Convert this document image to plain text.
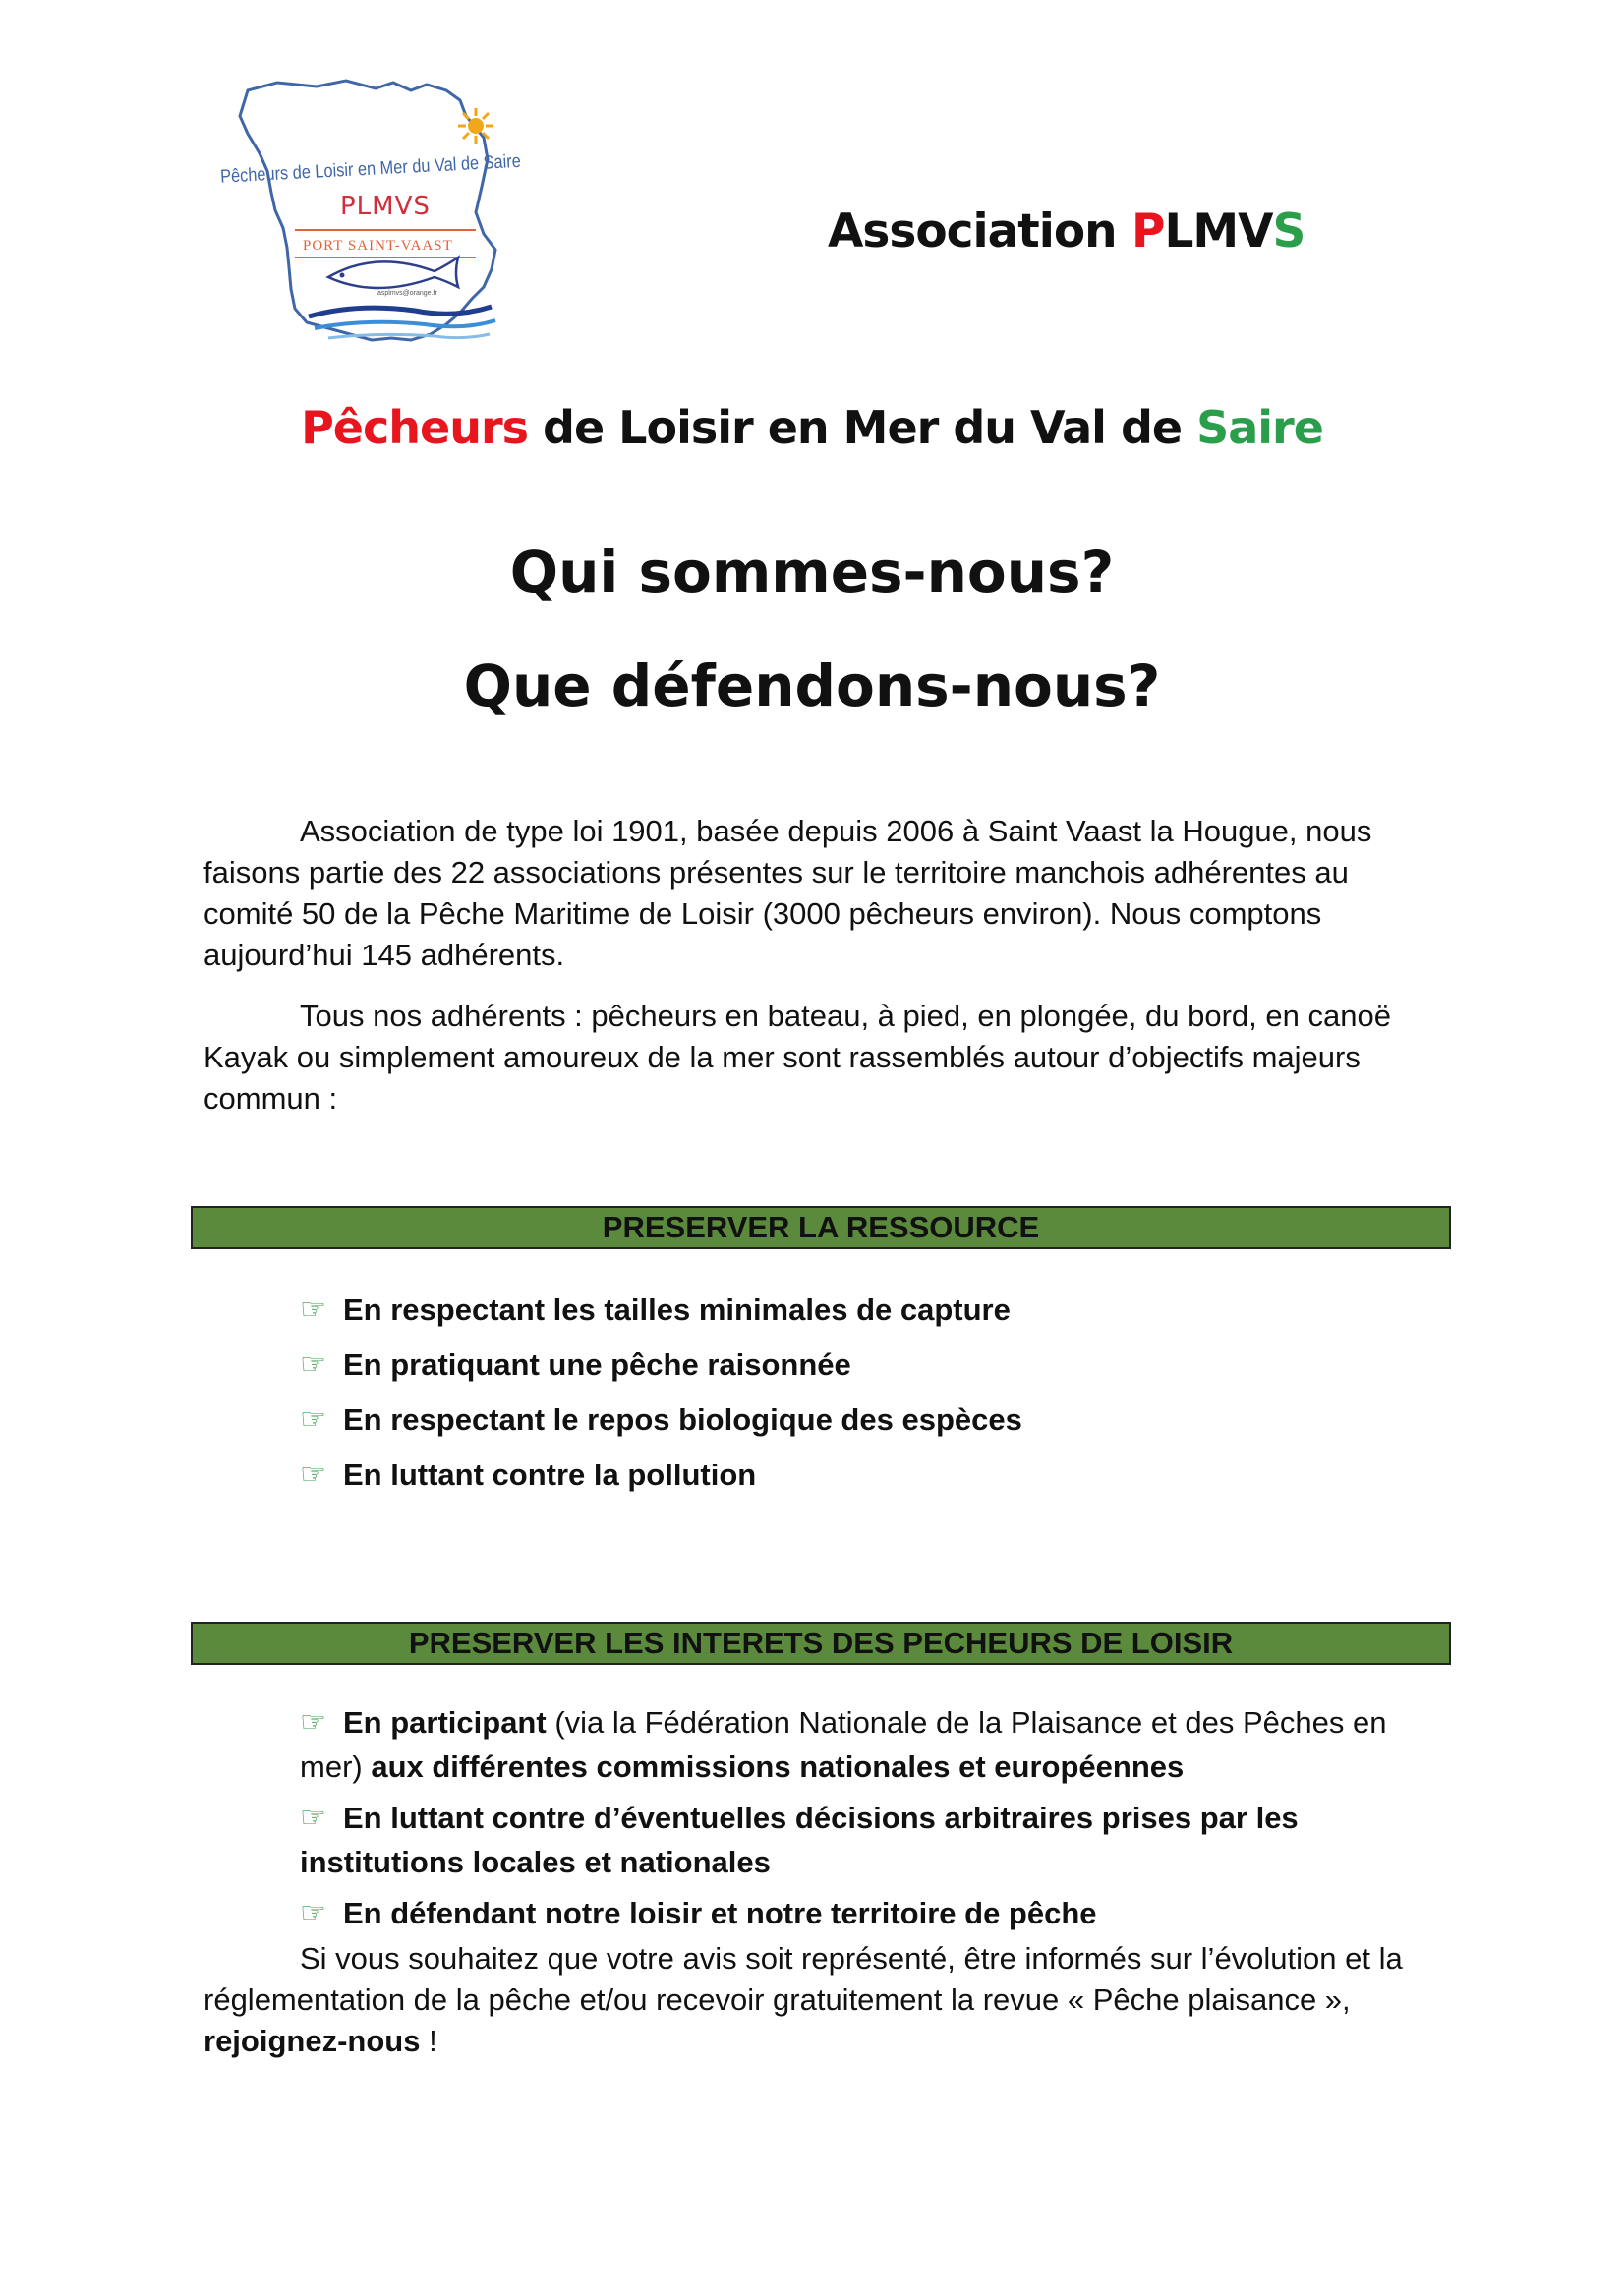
Pêcheurs de Loisir en Mer du Val de Saire
PLMVS
PORT SAINT-VAAST
asplmvs@orange.fr
Association PLMVS
Pêcheurs de Loisir en Mer du Val de Saire
Qui sommes-nous?
Que défendons-nous?

Association de type loi 1901, basée depuis 2006 à Saint Vaast la Hougue, nous faisons partie des 22 associations présentes sur le territoire manchois adhérentes au comité 50 de la Pêche Maritime de Loisir (3000 pêcheurs environ). Nous comptons aujourd’hui 145 adhérents.

Tous nos adhérents : pêcheurs en bateau, à pied, en plongée, du bord, en canoë Kayak ou simplement amoureux de la mer sont rassemblés autour d’objectifs majeurs commun :

PRESERVER LA RESSOURCE
☞ En respectant les tailles minimales de capture
☞ En pratiquant une pêche raisonnée
☞ En respectant le repos biologique des espèces
☞ En luttant contre la pollution
PRESERVER LES INTERETS DES PECHEURS DE LOISIR
☞ En participant (via la Fédération Nationale de la Plaisance et des Pêches en mer) aux différentes commissions nationales et européennes
☞ En luttant contre d’éventuelles décisions arbitraires prises par les institutions locales et nationales
☞ En défendant notre loisir et notre territoire de pêche

Si vous souhaitez que votre avis soit représenté, être informés sur l’évolution et la réglementation de la pêche et/ou recevoir gratuitement la revue « Pêche plaisance », rejoignez-nous !
